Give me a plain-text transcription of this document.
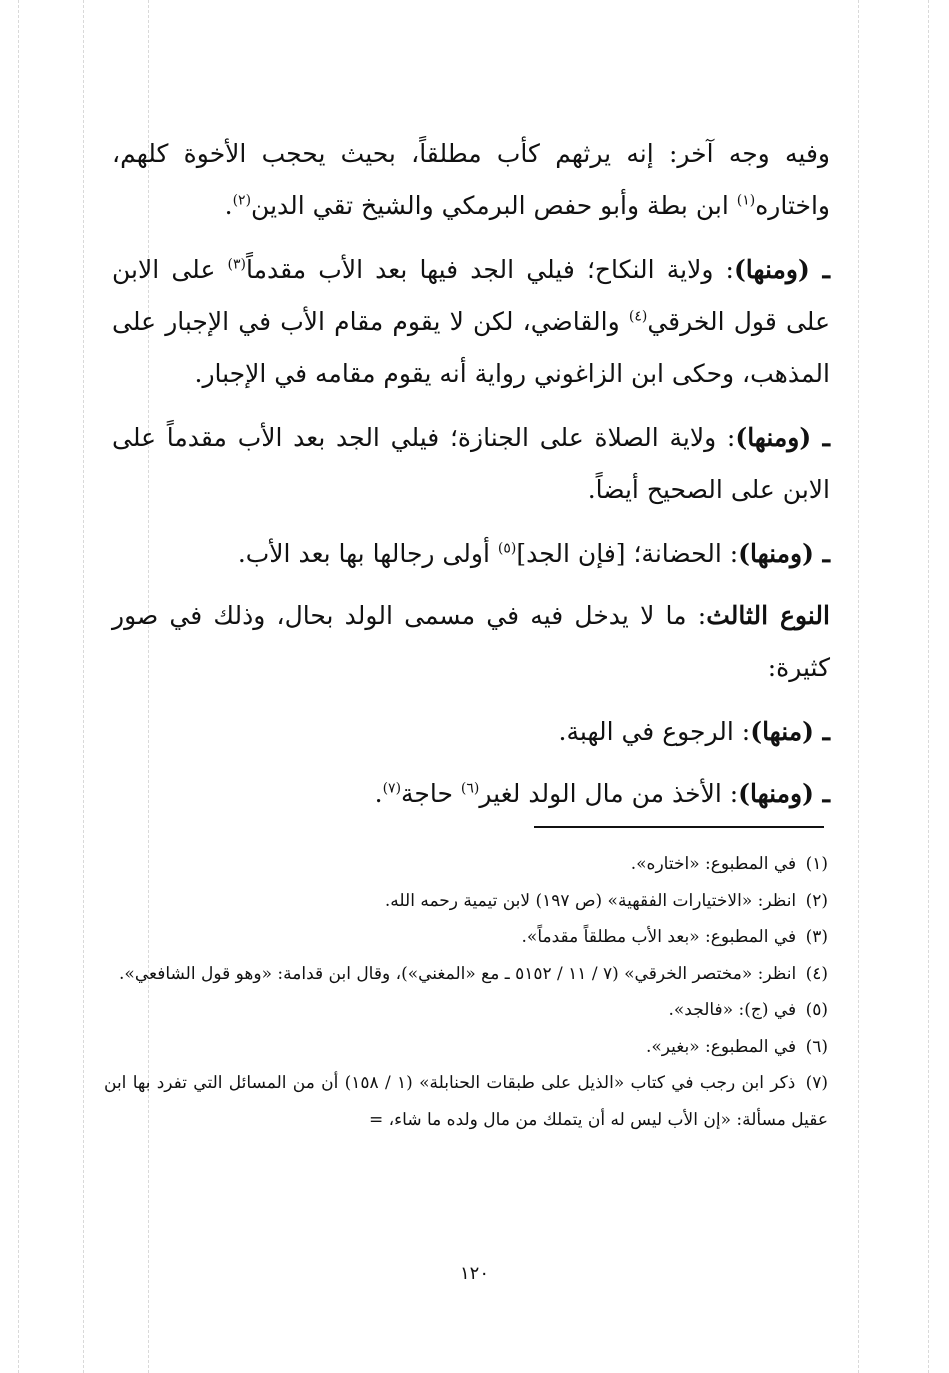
وفيه وجه آخر: إنه يرثهم كأب مطلقاً، بحيث يحجب الأخوة كلهم، واختاره$^{(١)}$ ابن بطة وأبو حفص البرمكي والشيخ تقي الدين$^{(٢)}$.

ـ (ومنها): ولاية النكاح؛ فيلي الجد فيها بعد الأب مقدماً$^{(٣)}$ على الابن على قول الخرقي$^{(٤)}$ والقاضي، لكن لا يقوم مقام الأب في الإجبار على المذهب، وحكى ابن الزاغوني رواية أنه يقوم مقامه في الإجبار.

ـ (ومنها): ولاية الصلاة على الجنازة؛ فيلي الجد بعد الأب مقدماً على الابن على الصحيح أيضاً.

ـ (ومنها): الحضانة؛ [فإن الجد]$^{(٥)}$ أولى رجالها بها بعد الأب.

النوع الثالث: ما لا يدخل فيه في مسمى الولد بحال، وذلك في صور كثيرة:

ـ (منها): الرجوع في الهبة.

ـ (ومنها): الأخذ من مال الولد لغير$^{(٦)}$ حاجة$^{(٧)}$.

(١) في المطبوع: «اختاره».

(٢) انظر: «الاختيارات الفقهية» (ص ١٩٧) لابن تيمية رحمه الله.

(٣) في المطبوع: «بعد الأب مطلقاً مقدماً».

(٤) انظر: «مختصر الخرقي» (٧ / ١١ / ٥١٥٢ ـ مع «المغني»)، وقال ابن قدامة: «وهو قول الشافعي».

(٥) في (ج): «فالجد».

(٦) في المطبوع: «بغير».

(٧) ذكر ابن رجب في كتاب «الذيل على طبقات الحنابلة» (١ / ١٥٨) أن من المسائل التي تفرد بها ابن عقيل مسألة: «إن الأب ليس له أن يتملك من مال ولده ما شاء، =

١٢٠
